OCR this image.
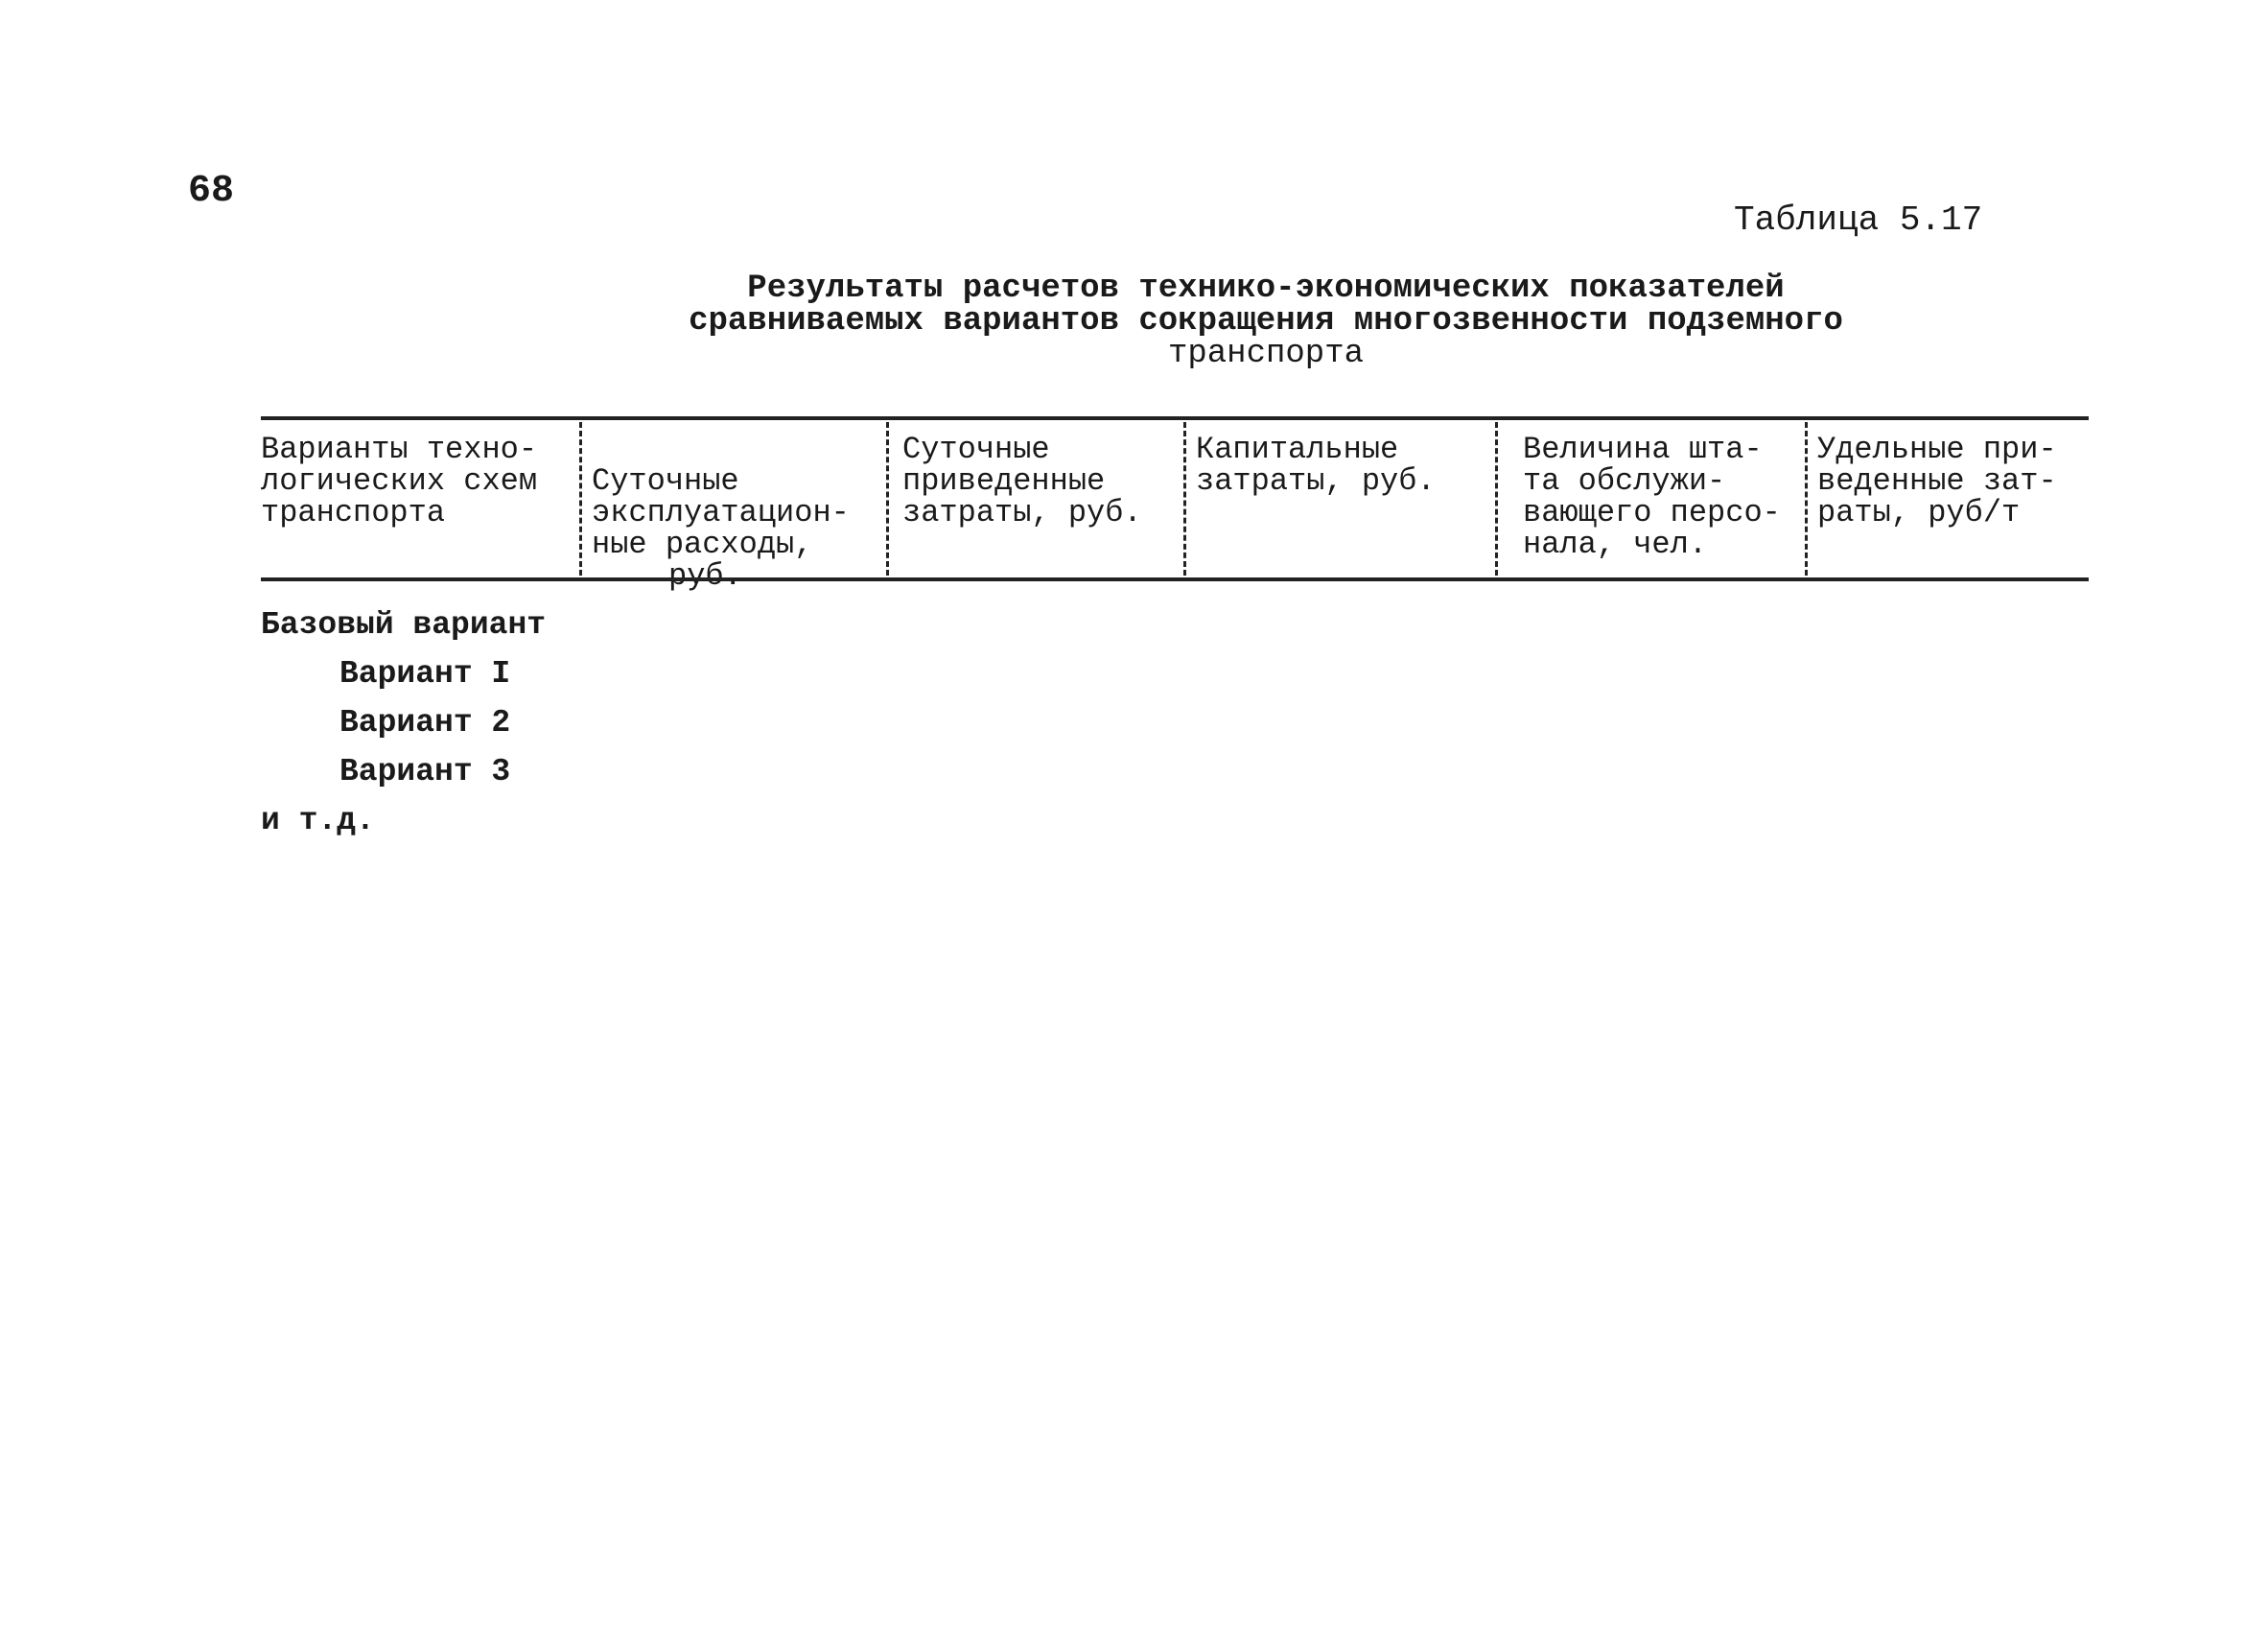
68
Таблица 5.17
Результаты расчетов технико-экономических показателей
сравниваемых вариантов сокращения многозвенности подземного
транспорта
Варианты техно-
логических схем
транспорта

Суточные
эксплуатацион-
ные расходы,
руб.

Суточные
приведенные
затраты, руб.
Капитальные
затраты, руб.
Величина шта-
та обслужи-
вающего персо-
нала, чел.
Удельные при-
веденные зат-
раты, руб/т
Базовый вариант
Вариант I
Вариант 2
Вариант 3
и т.д.
